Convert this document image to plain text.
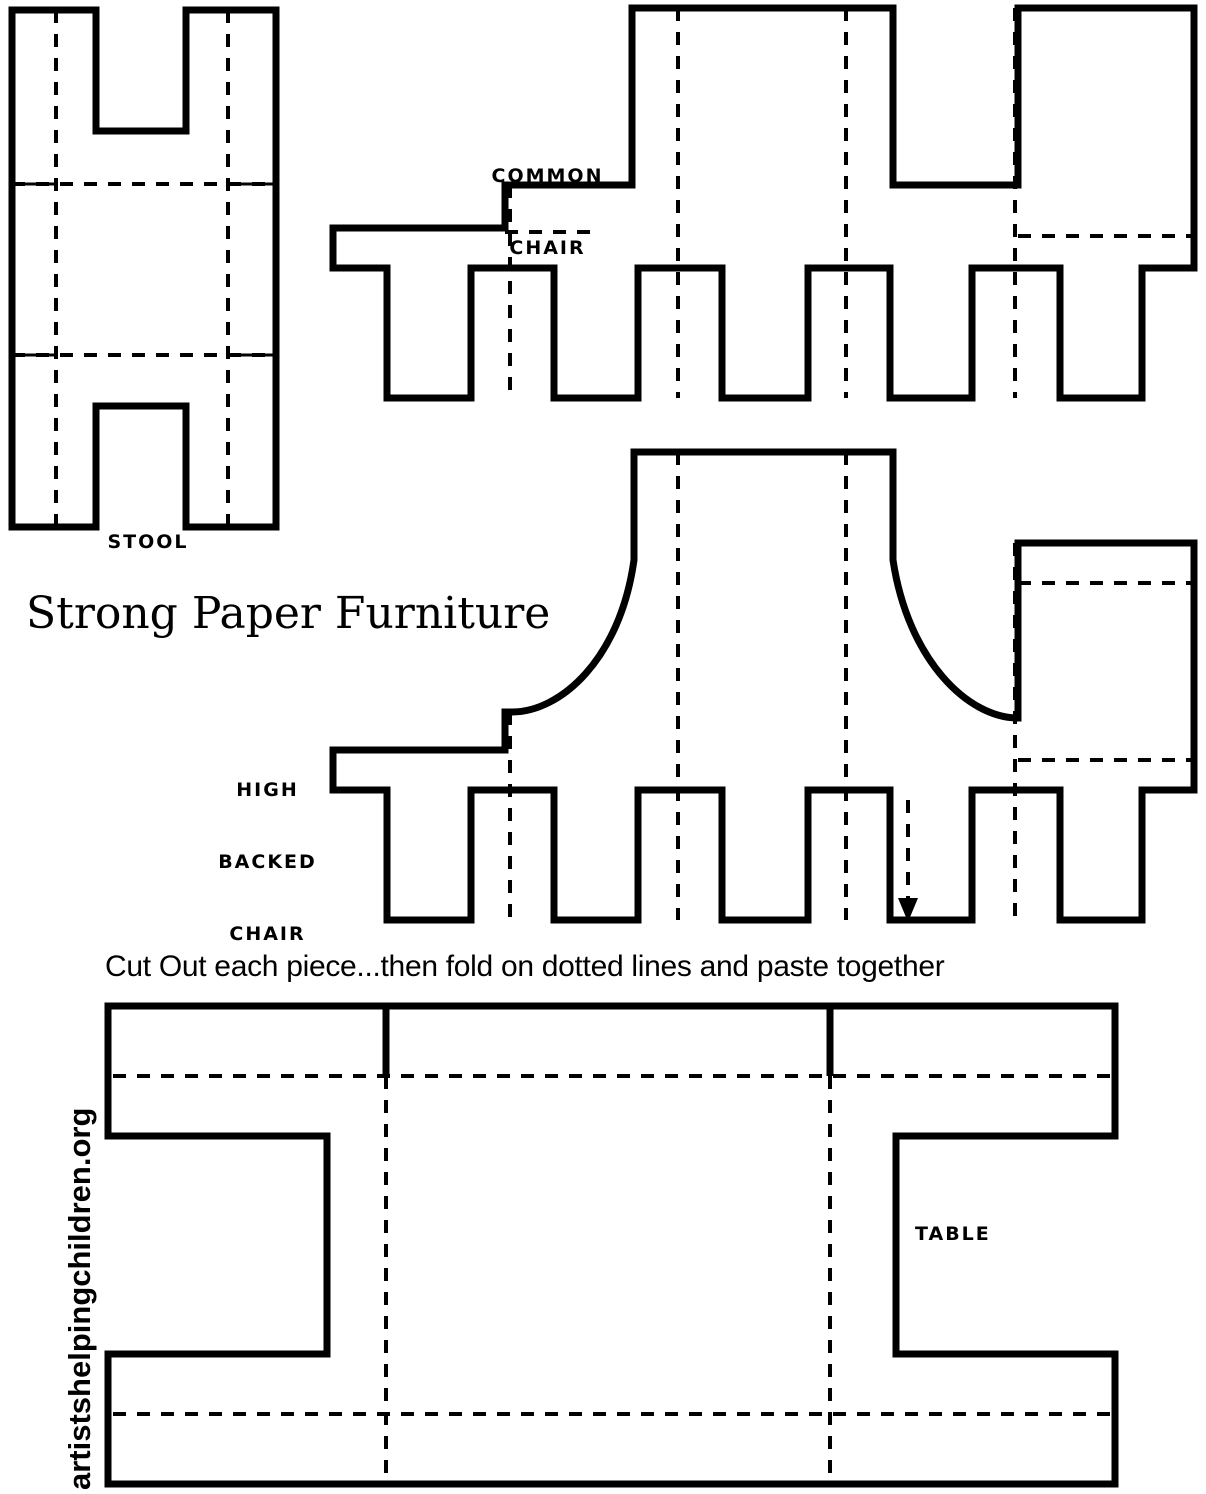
STOOL

COMMON

CHAIR

HIGH

BACKED

CHAIR

TABLE
Strong Paper Furniture
Cut Out each piece...then fold on dotted lines and paste together
artistshelpingchildren.org
